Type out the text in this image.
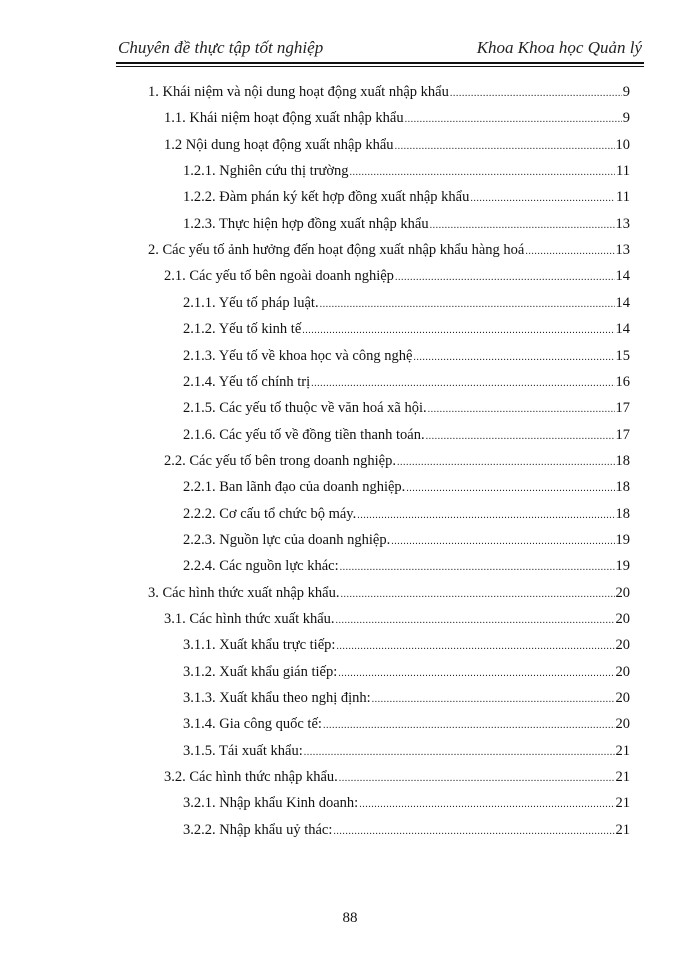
Chuyên đề thực tập tốt nghiệp	Khoa Khoa học Quản lý
1. Khái niệm và nội dung hoạt động xuất nhập khẩu .....	9
1.1. Khái niệm hoạt động xuất nhập khẩu .....	9
1.2 Nội dung hoạt động xuất nhập khẩu .....	10
1.2.1. Nghiên cứu thị trường .....	11
1.2.2. Đàm phán ký kết hợp đồng xuất nhập khẩu .....	11
1.2.3. Thực hiện hợp đồng xuất nhập khẩu .....	13
2. Các yếu tố ảnh hưởng đến hoạt động xuất nhập khẩu hàng hoá .....	13
2.1. Các yếu tố bên ngoài doanh nghiệp .....	14
2.1.1. Yếu tố pháp luật. .....	14
2.1.2. Yếu tố kinh tế .....	14
2.1.3. Yếu tố về khoa học và công nghệ .....	15
2.1.4. Yếu tố chính trị .....	16
2.1.5. Các yếu tố thuộc về văn hoá xã hội. .....	17
2.1.6. Các yếu tố về đồng tiền thanh toán. .....	17
2.2. Các yếu tố bên trong doanh nghiệp. .....	18
2.2.1. Ban lãnh đạo của doanh nghiệp. .....	18
2.2.2. Cơ cấu tổ chức bộ máy. .....	18
2.2.3. Nguồn lực của doanh nghiệp. .....	19
2.2.4. Các nguồn lực khác: .....	19
3. Các hình thức xuất nhập khẩu. .....	20
3.1. Các hình thức xuất khẩu. .....	20
3.1.1. Xuất khẩu trực tiếp: .....	20
3.1.2. Xuất khẩu gián tiếp: .....	20
3.1.3. Xuất khẩu theo nghị định: .....	20
3.1.4. Gia công quốc tế: .....	20
3.1.5. Tái xuất khẩu: .....	21
3.2. Các hình thức nhập khẩu. .....	21
3.2.1. Nhập khẩu Kinh doanh: .....	21
3.2.2. Nhập khẩu uỷ thác: .....	21
88
